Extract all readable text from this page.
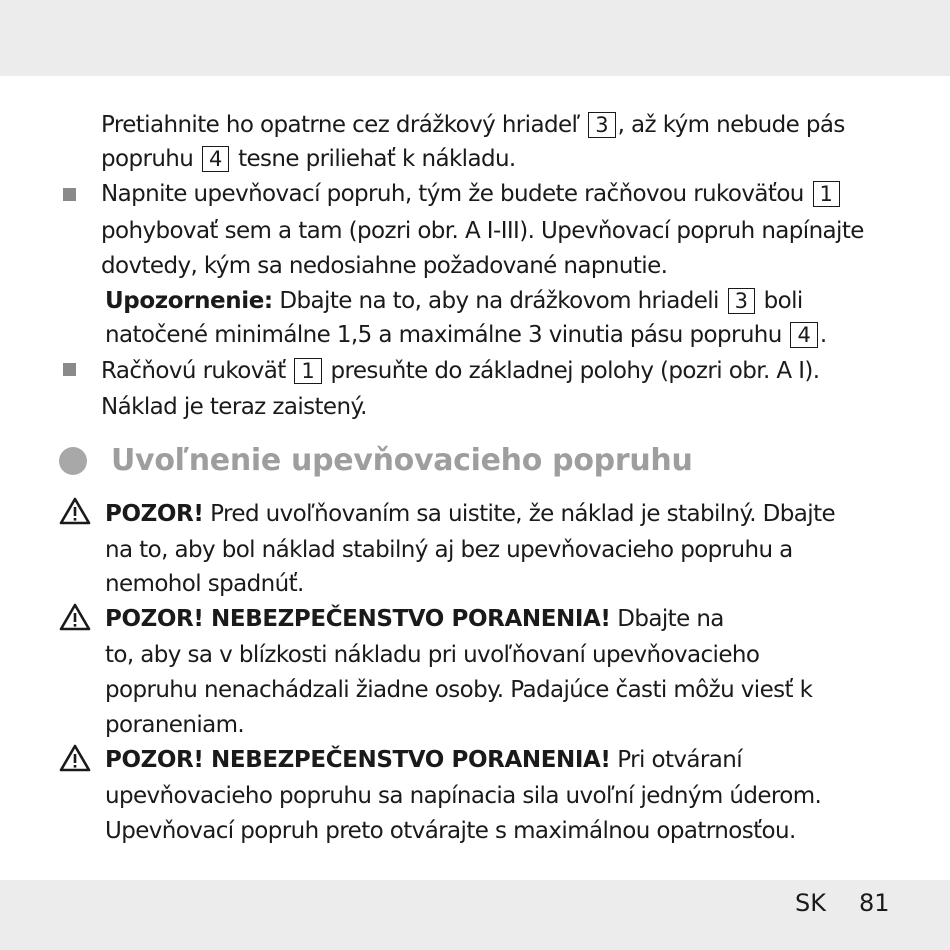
Pretiahnite ho opatrne cez drážkový hriadeľ 3 , až kým nebude pás
popruhu 4 tesne priliehať k nákladu.
Napnite upevňovací popruh, tým že budete račňovou rukoväťou 1
pohybovať sem a tam (pozri obr. A I-III). Upevňovací popruh napínajte
dovtedy, kým sa nedosiahne požadované napnutie.
Upozornenie: Dbajte na to, aby na drážkovom hriadeli 3 boli
natočené minimálne 1,5 a maximálne 3 vinutia pásu popruhu 4 .
Račňovú rukoväť 1 presuňte do základnej polohy (pozri obr. A I).
Náklad je teraz zaistený.
Uvoľnenie upevňovacieho popruhu
POZOR! Pred uvoľňovaním sa uistite, že náklad je stabilný. Dbajte
na to, aby bol náklad stabilný aj bez upevňovacieho popruhu a
nemohol spadnúť.
POZOR! NEBEZPEČENSTVO PORANENIA! Dbajte na
to, aby sa v blízkosti nákladu pri uvoľňovaní upevňovacieho
popruhu nenachádzali žiadne osoby. Padajúce časti môžu viesť k
poraneniam.
POZOR! NEBEZPEČENSTVO PORANENIA! Pri otváraní
upevňovacieho popruhu sa napínacia sila uvoľní jedným úderom.
Upevňovací popruh preto otvárajte s maximálnou opatrnosťou.
SK 81
